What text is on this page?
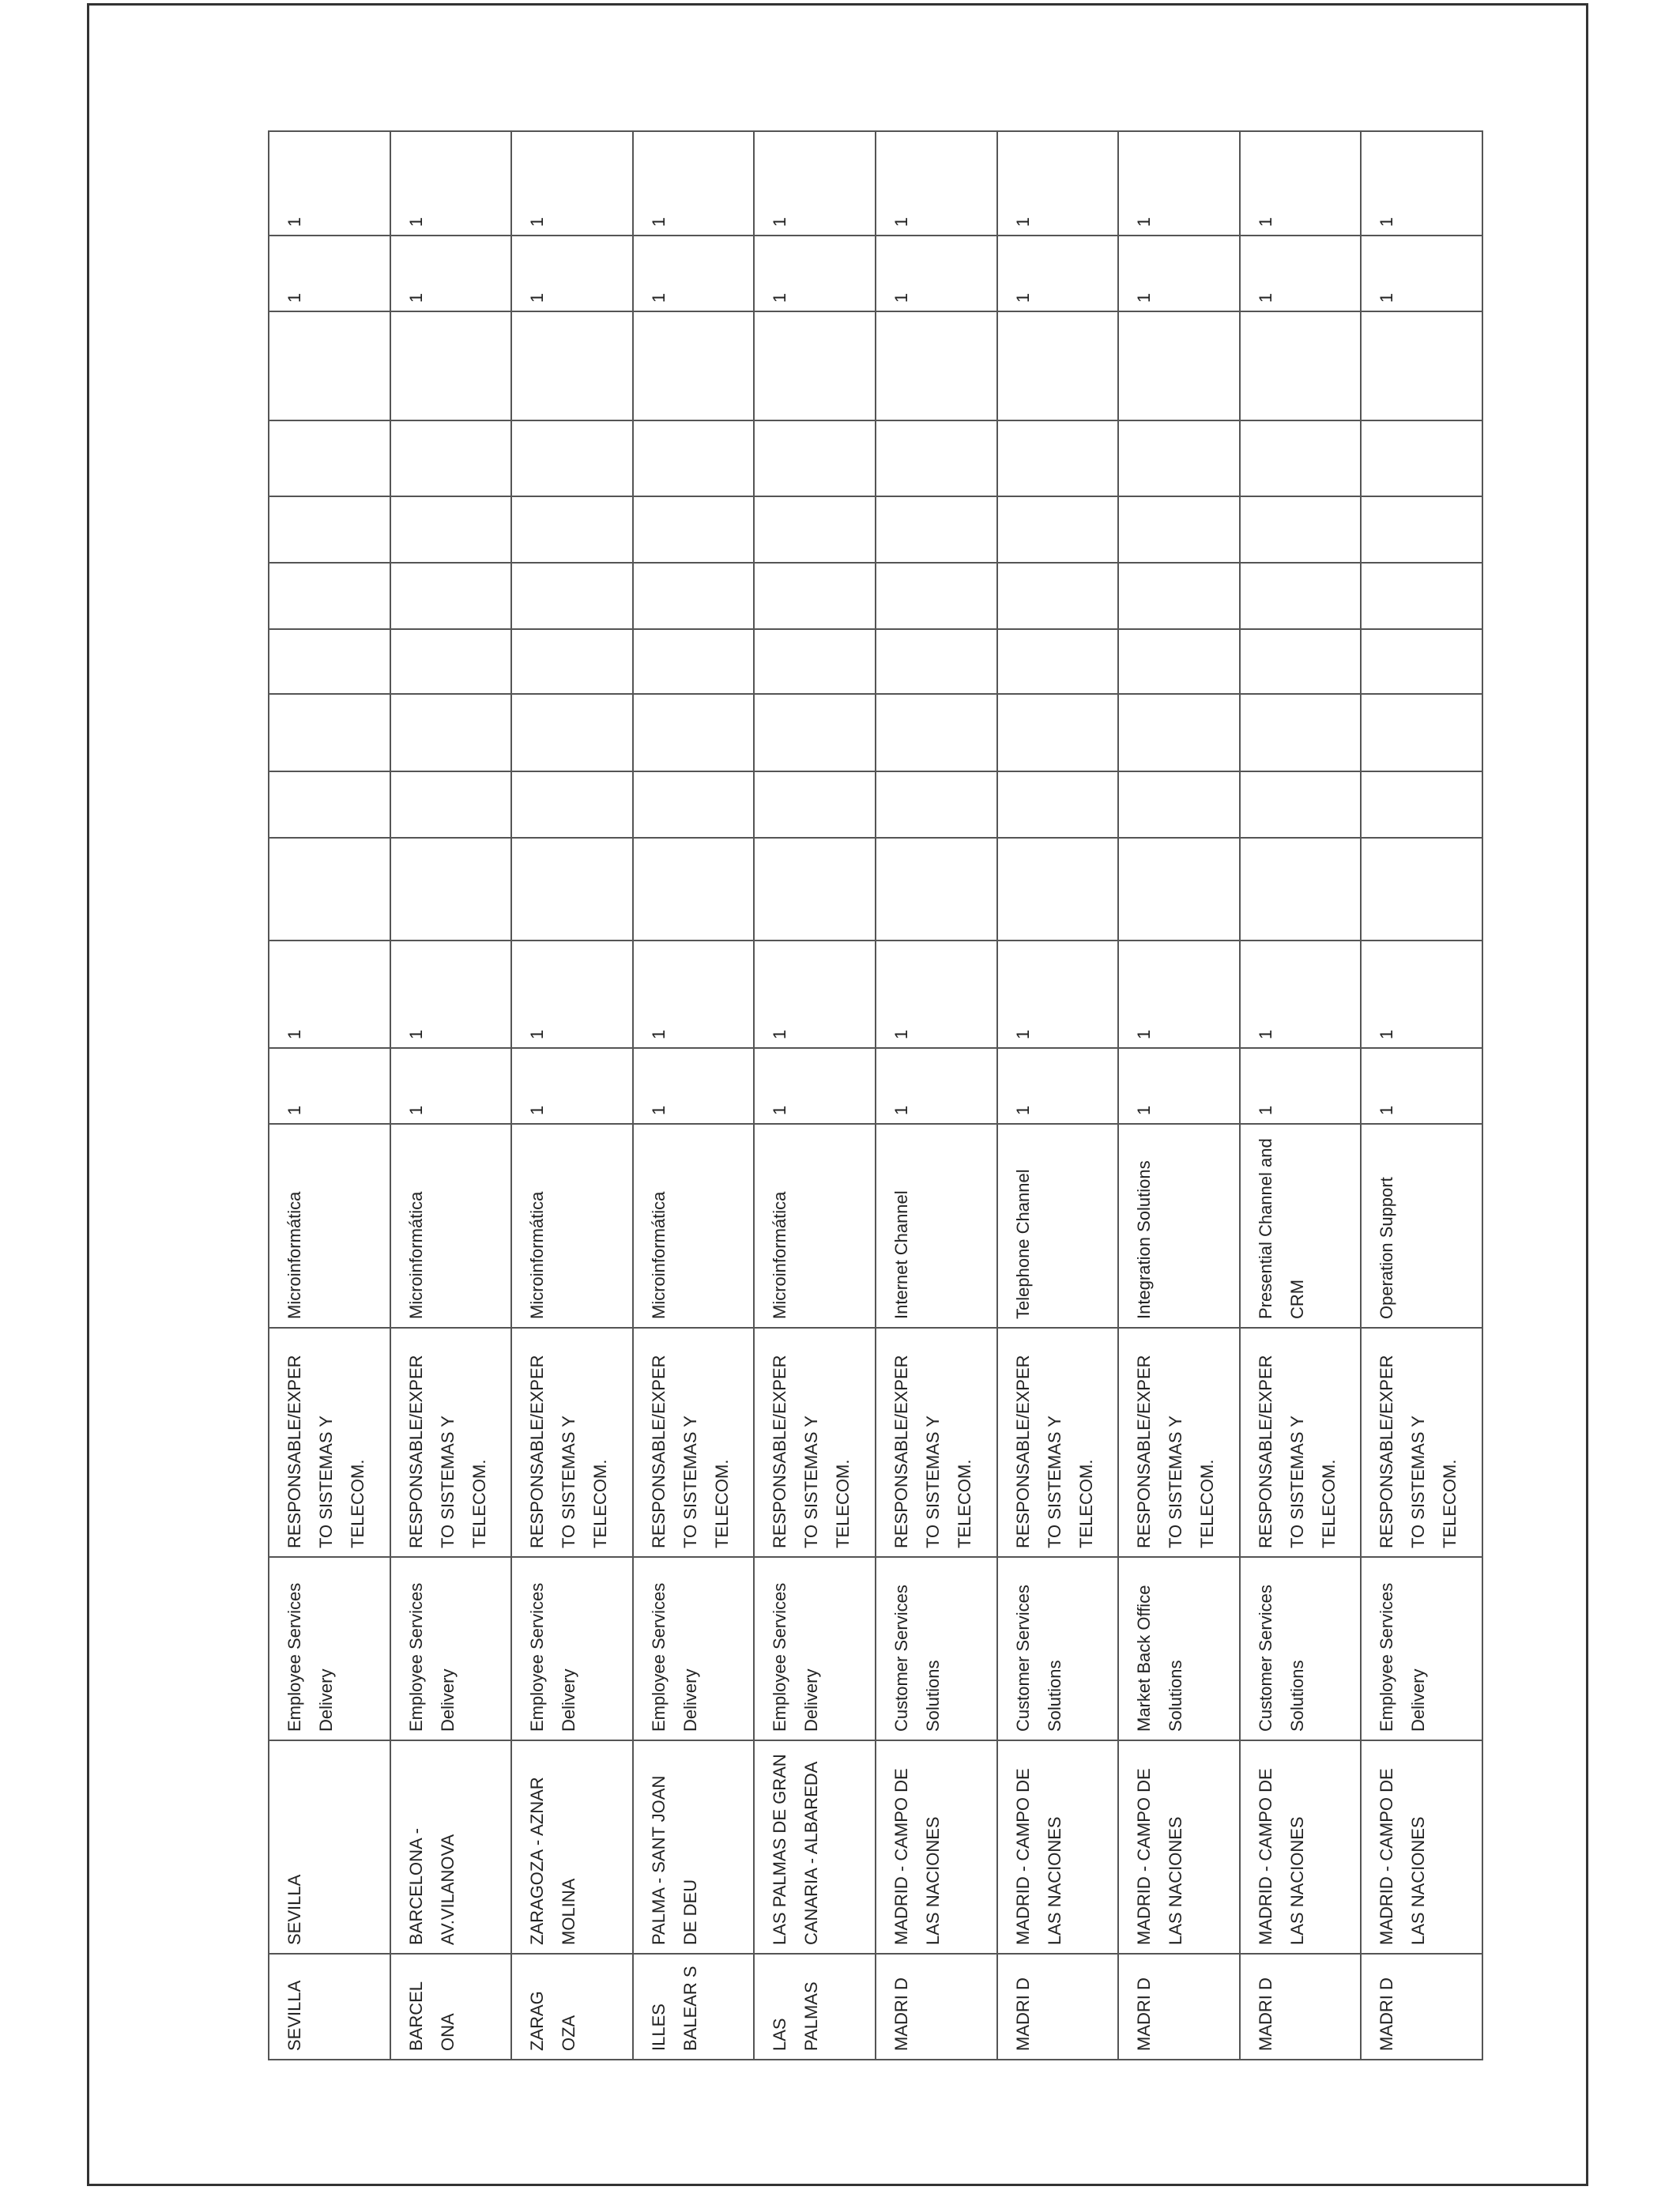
SEVILLA	SEVILLA	Employee Services Delivery	RESPONSABLE/EXPER TO SISTEMAS Y TELECOM.	Microinformática	1	1									1	1
BARCEL ONA	BARCELONA - AV.VILANOVA	Employee Services Delivery	RESPONSABLE/EXPER TO SISTEMAS Y TELECOM.	Microinformática	1	1									1	1
ZARAG OZA	ZARAGOZA - AZNAR MOLINA	Employee Services Delivery	RESPONSABLE/EXPER TO SISTEMAS Y TELECOM.	Microinformática	1	1									1	1
ILLES BALEAR S	PALMA - SANT JOAN DE DEU	Employee Services Delivery	RESPONSABLE/EXPER TO SISTEMAS Y TELECOM.	Microinformática	1	1									1	1
LAS PALMAS	LAS PALMAS DE GRAN CANARIA - ALBAREDA	Employee Services Delivery	RESPONSABLE/EXPER TO SISTEMAS Y TELECOM.	Microinformática	1	1									1	1
MADRI D	MADRID - CAMPO DE LAS NACIONES	Customer Services Solutions	RESPONSABLE/EXPER TO SISTEMAS Y TELECOM.	Internet Channel	1	1									1	1
MADRI D	MADRID - CAMPO DE LAS NACIONES	Customer Services Solutions	RESPONSABLE/EXPER TO SISTEMAS Y TELECOM.	Telephone Channel	1	1									1	1
MADRI D	MADRID - CAMPO DE LAS NACIONES	Market Back Office Solutions	RESPONSABLE/EXPER TO SISTEMAS Y TELECOM.	Integration Solutions	1	1									1	1
MADRI D	MADRID - CAMPO DE LAS NACIONES	Customer Services Solutions	RESPONSABLE/EXPER TO SISTEMAS Y TELECOM.	Presential Channel and CRM	1	1									1	1
MADRI D	MADRID - CAMPO DE LAS NACIONES	Employee Services Delivery	RESPONSABLE/EXPER TO SISTEMAS Y TELECOM.	Operation Support	1	1									1	1
